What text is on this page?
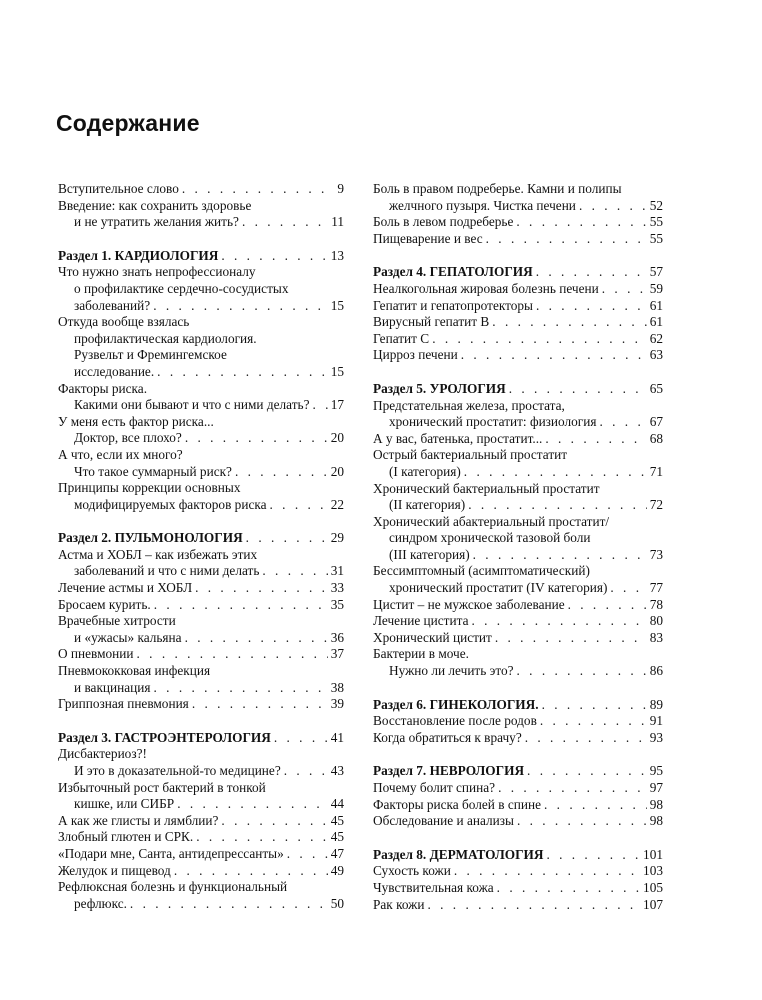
Содержание
Вступительное слово . . .	9
Введение: как сохранить здоровье
и не утратить желания жить? . . .	11
Раздел 1. КАРДИОЛОГИЯ . . .	13
Что нужно знать непрофессионалу
о профилактике сердечно-сосудистых
заболеваний? . . .	15
Откуда вообще взялась
профилактическая кардиология.
Рузвельт и Фремингемское
исследование. . . .	15
Факторы риска.
Какими они бывают и что с ними делать? . . . 17
У меня есть фактор риска...
Доктор, все плохо? . . .	20
А что, если их много?
Что такое суммарный риск? . . .	20
Принципы коррекции основных
модифицируемых факторов риска . . .	22
Раздел 2. ПУЛЬМОНОЛОГИЯ . . .	29
Астма и ХОБЛ – как избежать этих
заболеваний и что с ними делать . . .	31
Лечение астмы и ХОБЛ . . .	33
Бросаем курить. . . .	35
Врачебные хитрости
и «ужасы» кальяна . . .	36
О пневмонии . . .	37
Пневмококковая инфекция
и вакцинация . . .	38
Гриппозная пневмония . . .	39
Раздел 3. ГАСТРОЭНТЕРОЛОГИЯ . . .	41
Дисбактериоз?!
И это в доказательной-то медицине? . . .	43
Избыточный рост бактерий в тонкой
кишке, или СИБР . . .	44
А как же глисты и лямблии? . . .	45
Злобный глютен и СРК. . . .	45
«Подари мне, Санта, антидепрессанты» . . .	47
Желудок и пищевод . . .	49
Рефлюксная болезнь и функциональный
рефлюкс. . . .	50
Боль в правом подреберье. Камни и полипы
желчного пузыря. Чистка печени . . .	52
Боль в левом подреберье . . .	55
Пищеварение и вес . . .	55
Раздел 4. ГЕПАТОЛОГИЯ . . .	57
Неалкогольная жировая болезнь печени . . .	59
Гепатит и гепатопротекторы . . .	61
Вирусный гепатит В . . .	61
Гепатит С . . .	62
Цирроз печени . . .	63
Раздел 5. УРОЛОГИЯ . . .	65
Предстательная железа, простата,
хронический простатит: физиология . . .	67
А у вас, батенька, простатит... . . .	68
Острый бактериальный простатит
(I категория) . . .	71
Хронический бактериальный простатит
(II категория) . . .	72
Хронический абактериальный простатит/
синдром хронической тазовой боли
(III категория) . . .	73
Бессимптомный (асимптоматический)
хронический простатит (IV категория) . . .	77
Цистит – не мужское заболевание . . .	78
Лечение цистита . . .	80
Хронический цистит . . .	83
Бактерии в моче.
Нужно ли лечить это? . . .	86
Раздел 6. ГИНЕКОЛОГИЯ. . . .	89
Восстановление после родов . . .	91
Когда обратиться к врачу? . . .	93
Раздел 7. НЕВРОЛОГИЯ . . .	95
Почему болит спина? . . .	97
Факторы риска болей в спине . . .	98
Обследование и анализы . . .	98
Раздел 8. ДЕРМАТОЛОГИЯ . . .	101
Сухость кожи . . .	103
Чувствительная кожа . . .	105
Рак кожи . . .	107
